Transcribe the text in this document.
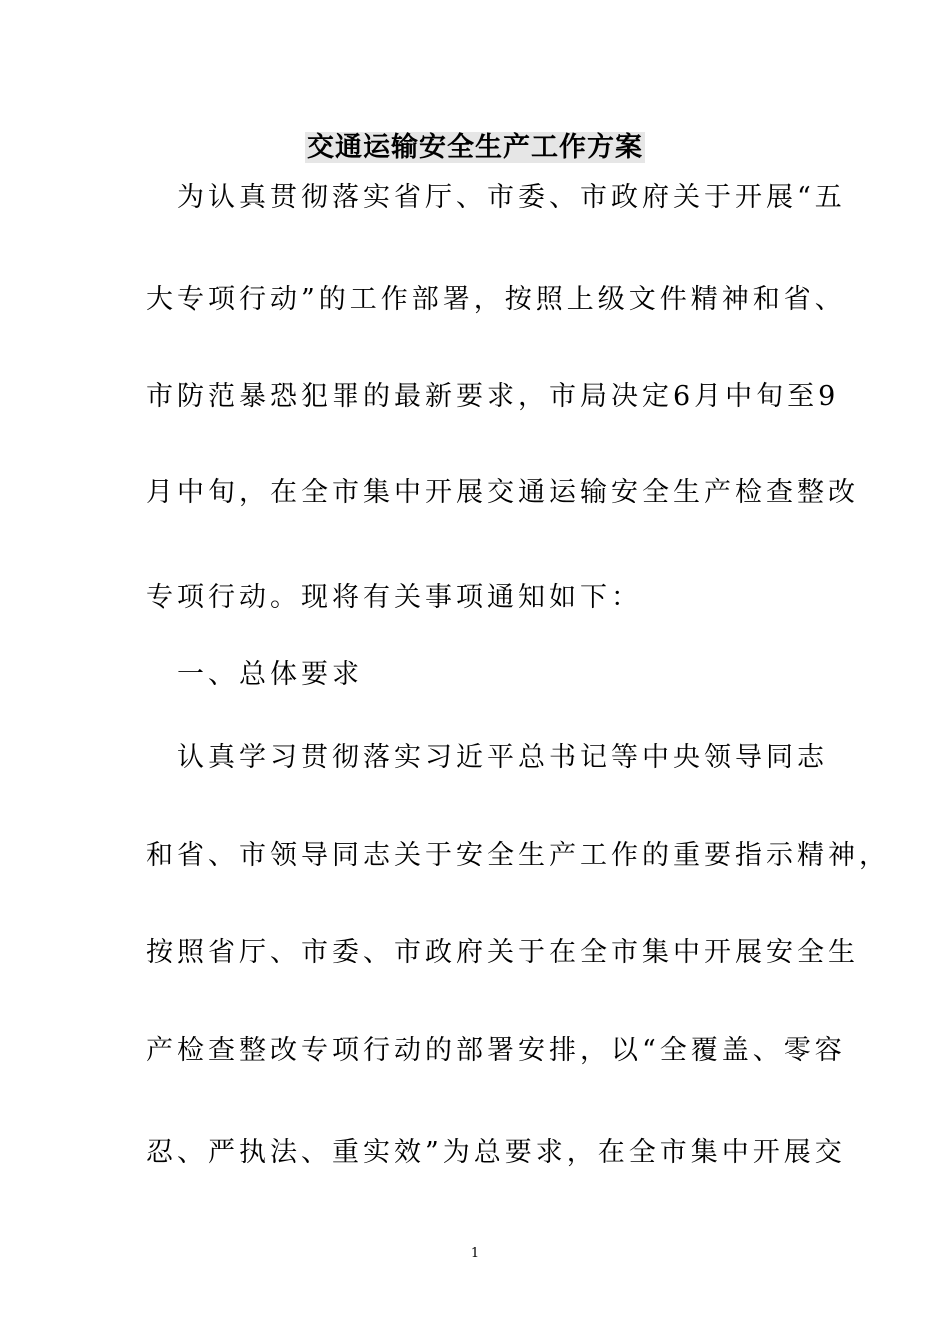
交通运输安全生产工作方案
　为认真贯彻落实省厅、市委、市政府关于开展“五
大专项行动”的工作部署，按照上级文件精神和省、
市防范暴恐犯罪的最新要求，市局决定6月中旬至9
月中旬，在全市集中开展交通运输安全生产检查整改
专项行动。现将有关事项通知如下：
　一、总体要求
　认真学习贯彻落实习近平总书记等中央领导同志
和省、市领导同志关于安全生产工作的重要指示精神，
按照省厅、市委、市政府关于在全市集中开展安全生
产检查整改专项行动的部署安排，以“全覆盖、零容
忍、严执法、重实效”为总要求，在全市集中开展交
1
